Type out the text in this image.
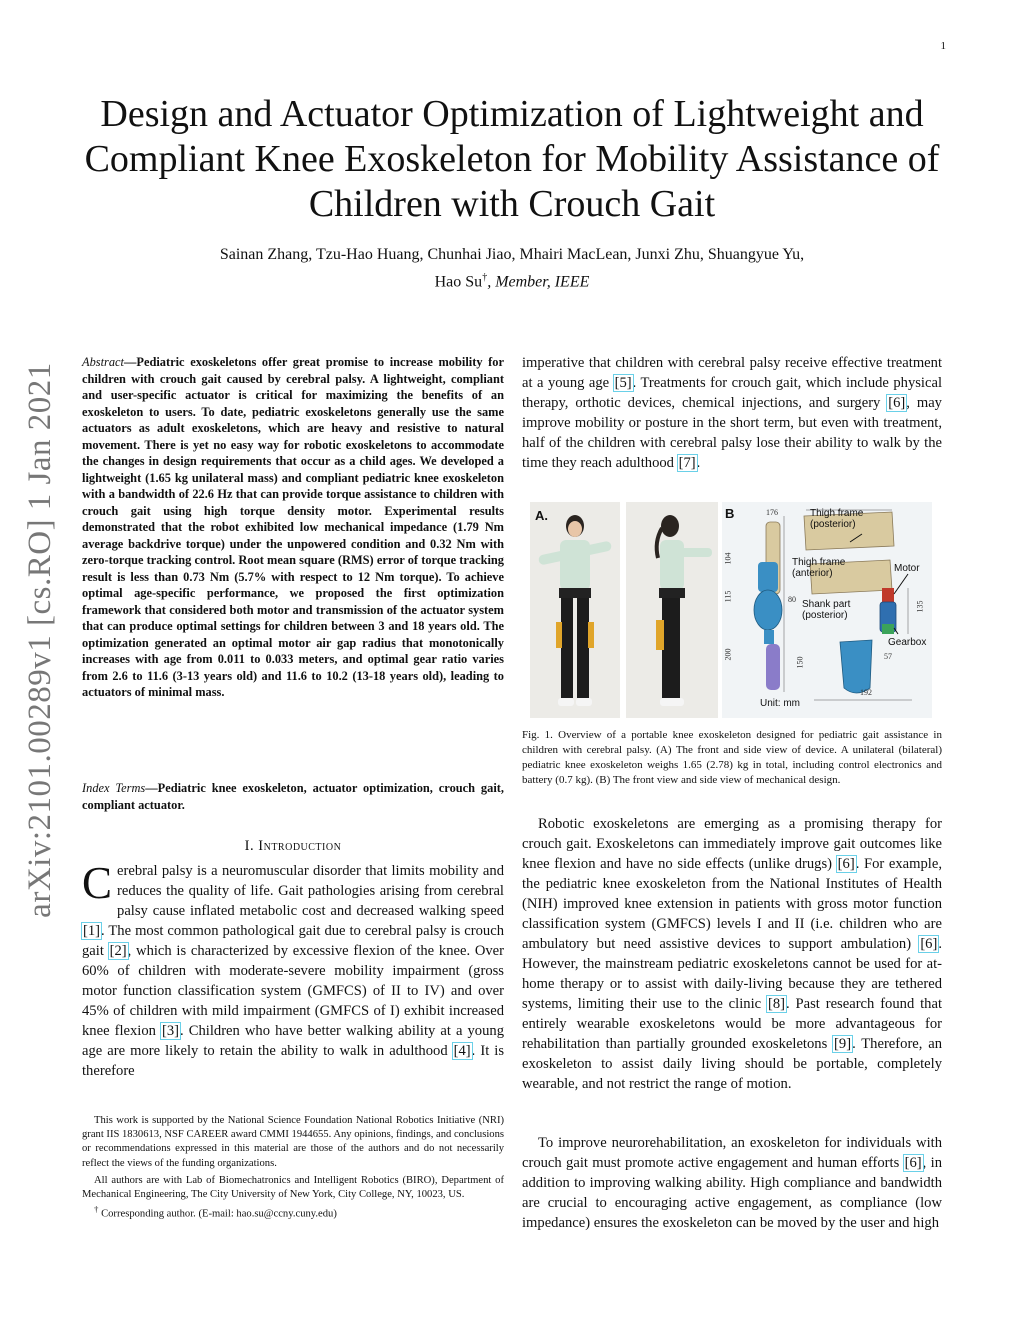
1
arXiv:2101.00289v1 [cs.RO] 1 Jan 2021
Design and Actuator Optimization of Lightweight and Compliant Knee Exoskeleton for Mobility Assistance of Children with Crouch Gait
Sainan Zhang, Tzu-Hao Huang, Chunhai Jiao, Mhairi MacLean, Junxi Zhu, Shuangyue Yu,
Hao Su†, Member, IEEE
Abstract—Pediatric exoskeletons offer great promise to increase mobility for children with crouch gait caused by cerebral palsy. A lightweight, compliant and user-specific actuator is critical for maximizing the benefits of an exoskeleton to users. To date, pediatric exoskeletons generally use the same actuators as adult exoskeletons, which are heavy and resistive to natural movement. There is yet no easy way for robotic exoskeletons to accommodate the changes in design requirements that occur as a child ages. We developed a lightweight (1.65 kg unilateral mass) and compliant pediatric knee exoskeleton with a bandwidth of 22.6 Hz that can provide torque assistance to children with crouch gait using high torque density motor. Experimental results demonstrated that the robot exhibited low mechanical impedance (1.79 Nm average backdrive torque) under the unpowered condition and 0.32 Nm with zero-torque tracking control. Root mean square (RMS) error of torque tracking result is less than 0.73 Nm (5.7% with respect to 12 Nm torque). To achieve optimal age-specific performance, we proposed the first optimization framework that considered both motor and transmission of the actuator system that can produce optimal settings for children between 3 and 18 years old. The optimization generated an optimal motor air gap radius that monotonically increases with age from 0.011 to 0.033 meters, and optimal gear ratio varies from 2.6 to 11.6 (3-13 years old) and 11.6 to 10.2 (13-18 years old), leading to actuators of minimal mass.
Index Terms—Pediatric knee exoskeleton, actuator optimization, crouch gait, compliant actuator.
I. Introduction
Cerebral palsy is a neuromuscular disorder that limits mobility and reduces the quality of life. Gait pathologies arising from cerebral palsy cause inflated metabolic cost and decreased walking speed [1]. The most common pathological gait due to cerebral palsy is crouch gait [2], which is characterized by excessive flexion of the knee. Over 60% of children with moderate-severe mobility impairment (gross motor function classification system (GMFCS) of II to IV) and over 45% of children with mild impairment (GMFCS of I) exhibit increased knee flexion [3]. Children who have better walking ability at a young age are more likely to retain the ability to walk in adulthood [4]. It is therefore

This work is supported by the National Science Foundation National Robotics Initiative (NRI) grant IIS 1830613, NSF CAREER award CMMI 1944655. Any opinions, findings, and conclusions or recommendations expressed in this material are those of the authors and do not necessarily reflect the views of the funding organizations.

All authors are with Lab of Biomechatronics and Intelligent Robotics (BIRO), Department of Mechanical Engineering, The City University of New York, City College, NY, 10023, US.

† Corresponding author. (E-mail: hao.su@ccny.cuny.edu)

imperative that children with cerebral palsy receive effective treatment at a young age [5]. Treatments for crouch gait, which include physical therapy, orthotic devices, chemical injections, and surgery [6], may improve mobility or posture in the short term, but even with treatment, half of the children with cerebral palsy lose their ability to walk by the time they reach adulthood [7].
A.	B	Thigh frame
(posterior)
Thigh frame
(anterior)	Motor
Shank part
(posterior)
Gearbox
Unit: mm
176
104
115	80
135
200
150	57
192
Fig. 1. Overview of a portable knee exoskeleton designed for pediatric gait assistance in children with cerebral palsy. (A) The front and side view of device. A unilateral (bilateral) pediatric knee exoskeleton weighs 1.65 (2.78) kg in total, including control electronics and battery (0.7 kg). (B) The front view and side view of mechanical design.
Robotic exoskeletons are emerging as a promising therapy for crouch gait. Exoskeletons can immediately improve gait outcomes like knee flexion and have no side effects (unlike drugs) [6]. For example, the pediatric knee exoskeleton from the National Institutes of Health (NIH) improved knee extension in patients with gross motor function classification system (GMFCS) levels I and II (i.e. children who are ambulatory but need assistive devices to support ambulation) [6]. However, the mainstream pediatric exoskeletons cannot be used for at-home therapy or to assist with daily-living because they are tethered systems, limiting their use to the clinic [8]. Past research found that entirely wearable exoskeletons would be more advantageous for rehabilitation than partially grounded exoskeletons [9]. Therefore, an exoskeleton to assist daily living should be portable, completely wearable, and not restrict the range of motion.
To improve neurorehabilitation, an exoskeleton for individuals with crouch gait must promote active engagement and human efforts [6], in addition to improving walking ability. High compliance and bandwidth are crucial to encouraging active engagement, as compliance (low impedance) ensures the exoskeleton can be moved by the user and high
